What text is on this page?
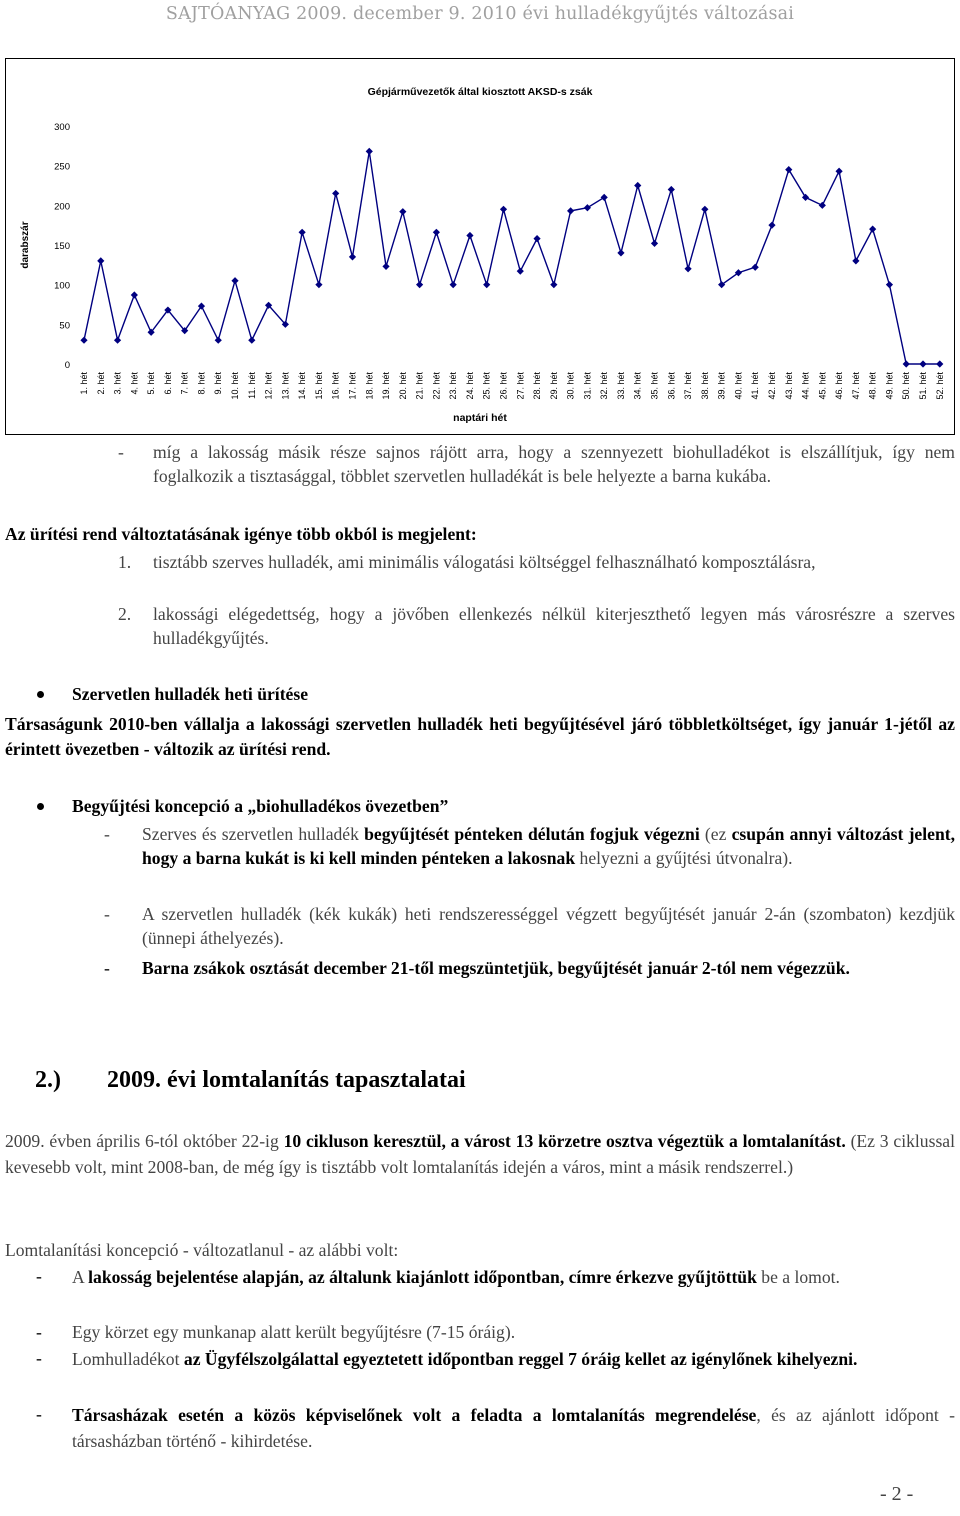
SAJTÓANYAG 2009. december 9. 2010 évi hulladékgyűjtés változásai
Gépjárművezetők által kiosztott AKSD-s zsák
darabszár
naptári hét
0
50
100
150
200
250
300
1. hét 2. hét 3. hét 4. hét 5. hét 6. hét 7. hét 8. hét 9. hét 10. hét 11. hét 12. hét 13. hét 14. hét 15. hét 16. hét 17. hét 18. hét 19. hét 20. hét 21. hét 22. hét 23. hét 24. hét 25. hét 26. hét 27. hét 28. hét 29. hét 30. hét 31. hét 32. hét 33. hét 34. hét 35. hét 36. hét 37. hét 38. hét 39. hét 40. hét 41. hét 42. hét 43. hét 44. hét 45. hét 46. hét 47. hét 48. hét 49. hét 50. hét 51. hét 52. hét
- míg a lakosság másik része sajnos rájött arra, hogy a szennyezett biohulladékot is elszállítjuk, így nem foglalkozik a tisztasággal, többlet szervetlen hulladékát is bele helyezte a barna kukába.
Az ürítési rend változtatásának igénye több okból is megjelent:
1. tisztább szerves hulladék, ami minimális válogatási költséggel felhasználható komposztálásra,
2. lakossági elégedettség, hogy a jövőben ellenkezés nélkül kiterjeszthető legyen más városrészre a szerves hulladékgyűjtés.
Szervetlen hulladék heti ürítése
Társaságunk 2010-ben vállalja a lakossági szervetlen hulladék heti begyűjtésével járó többletköltséget, így január 1-jétől az érintett övezetben - változik az ürítési rend.
Begyűjtési koncepció a „biohulladékos övezetben”
- Szerves és szervetlen hulladék begyűjtését pénteken délután fogjuk végezni (ez csupán annyi változást jelent, hogy a barna kukát is ki kell minden pénteken a lakosnak helyezni a gyűjtési útvonalra).
- A szervetlen hulladék (kék kukák) heti rendszerességgel végzett begyűjtését január 2-án (szombaton) kezdjük (ünnepi áthelyezés).
- Barna zsákok osztását december 21-től megszüntetjük, begyűjtését január 2-tól nem végezzük.
2.) 2009. évi lomtalanítás tapasztalatai
2009. évben április 6-tól október 22-ig 10 cikluson keresztül, a várost 13 körzetre osztva végeztük a lomtalanítást. (Ez 3 ciklussal kevesebb volt, mint 2008-ban, de még így is tisztább volt lomtalanítás idején a város, mint a másik rendszerrel.)
Lomtalanítási koncepció - változatlanul - az alábbi volt:
- A lakosság bejelentése alapján, az általunk kiajánlott időpontban, címre érkezve gyűjtöttük be a lomot.
- Egy körzet egy munkanap alatt került begyűjtésre (7-15 óráig).
- Lomhulladékot az Ügyfélszolgálattal egyeztetett időpontban reggel 7 óráig kellet az igénylőnek kihelyezni.
- Társasházak esetén a közös képviselőnek volt a feladta a lomtalanítás megrendelése, és az ajánlott időpont - társasházban történő - kihirdetése.
- 2 -
